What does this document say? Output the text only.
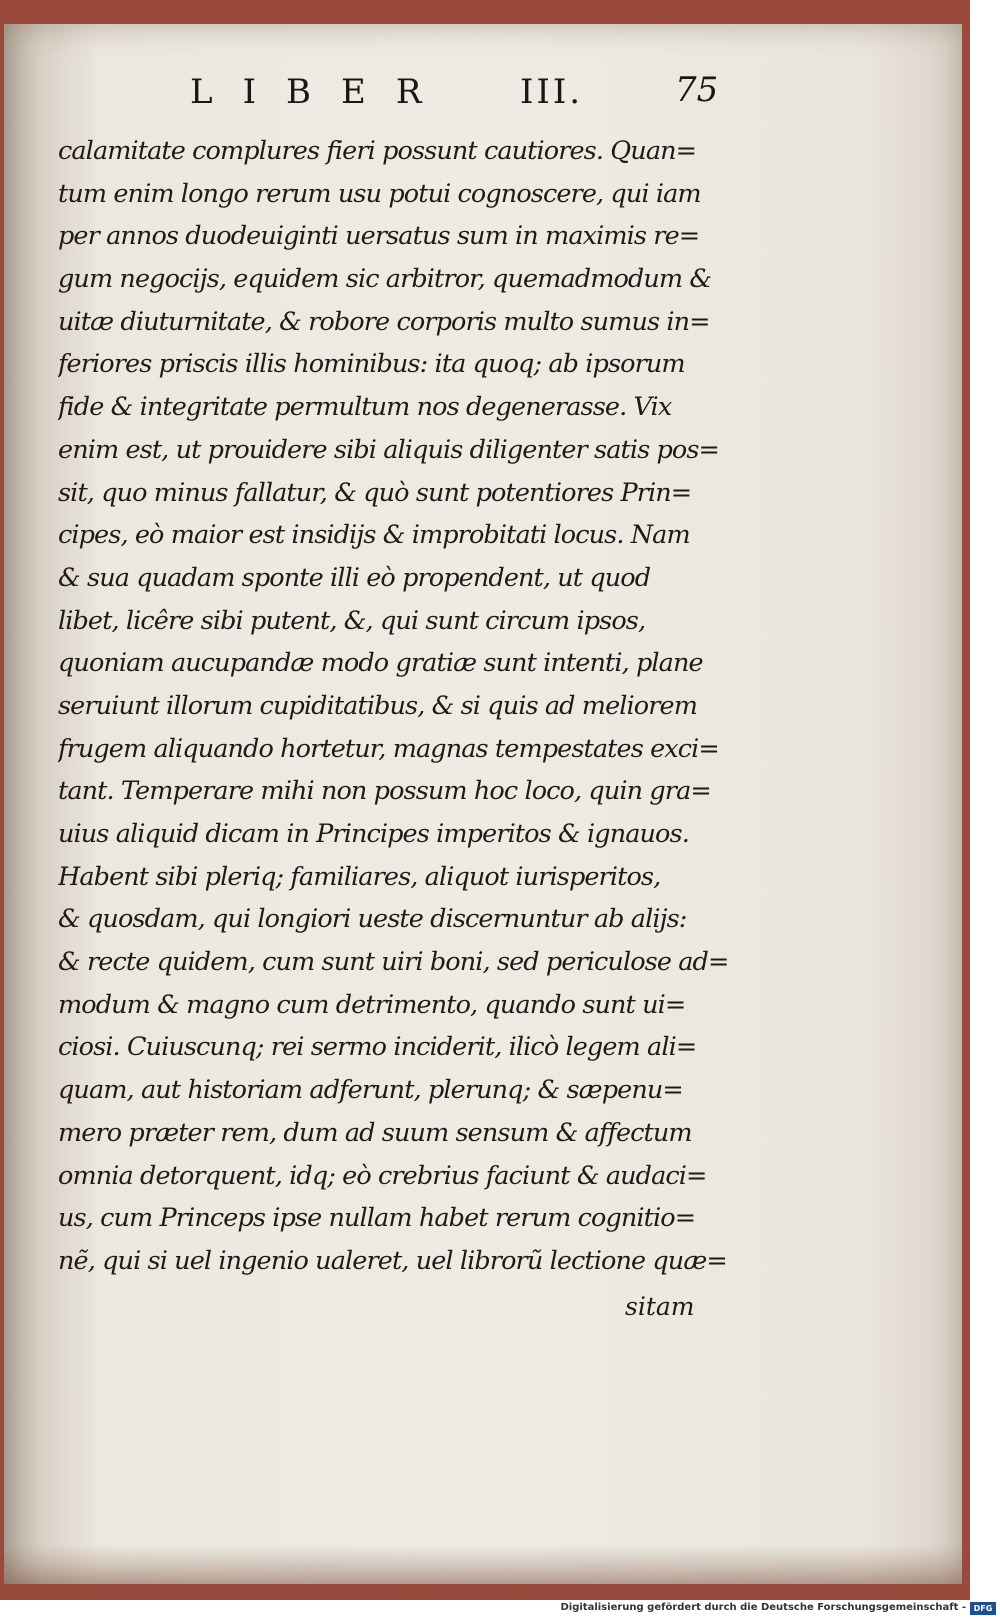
LIBER III.	75
calamitate complures fieri possunt cautiores. Quan=
tum enim longo rerum usu potui cognoscere, qui iam
per annos duodeuiginti uersatus sum in maximis re=
gum negocijs, equidem sic arbitror, quemadmodum &
uitæ diuturnitate, & robore corporis multo sumus in=
feriores priscis illis hominibus: ita quoq; ab ipsorum
fide & integritate permultum nos degenerasse. Vix
enim est, ut prouidere sibi aliquis diligenter satis pos=
sit, quo minus fallatur, & quò sunt potentiores Prin=
cipes, eò maior est insidijs & improbitati locus. Nam
& sua quadam sponte illi eò propendent, ut quod
libet, licêre sibi putent, &, qui sunt circum ipsos,
quoniam aucupandæ modo gratiæ sunt intenti, plane
seruiunt illorum cupiditatibus, & si quis ad meliorem
frugem aliquando hortetur, magnas tempestates exci=
tant. Temperare mihi non possum hoc loco, quin gra=
uius aliquid dicam in Principes imperitos & ignauos.
Habent sibi pleriq; familiares, aliquot iurisperitos,
& quosdam, qui longiori ueste discernuntur ab alijs:
& recte quidem, cum sunt uiri boni, sed periculose ad=
modum & magno cum detrimento, quando sunt ui=
ciosi. Cuiuscunq; rei sermo inciderit, ilicò legem ali=
quam, aut historiam adferunt, plerunq; & sæpenu=
mero præter rem, dum ad suum sensum & affectum
omnia detorquent, idq; eò crebrius faciunt & audaci=
us, cum Princeps ipse nullam habet rerum cognitio=
nẽ, qui si uel ingenio ualeret, uel librorũ lectione quæ=
sitam
Digitalisierung gefördert durch die Deutsche Forschungsgemeinschaft - DFG
